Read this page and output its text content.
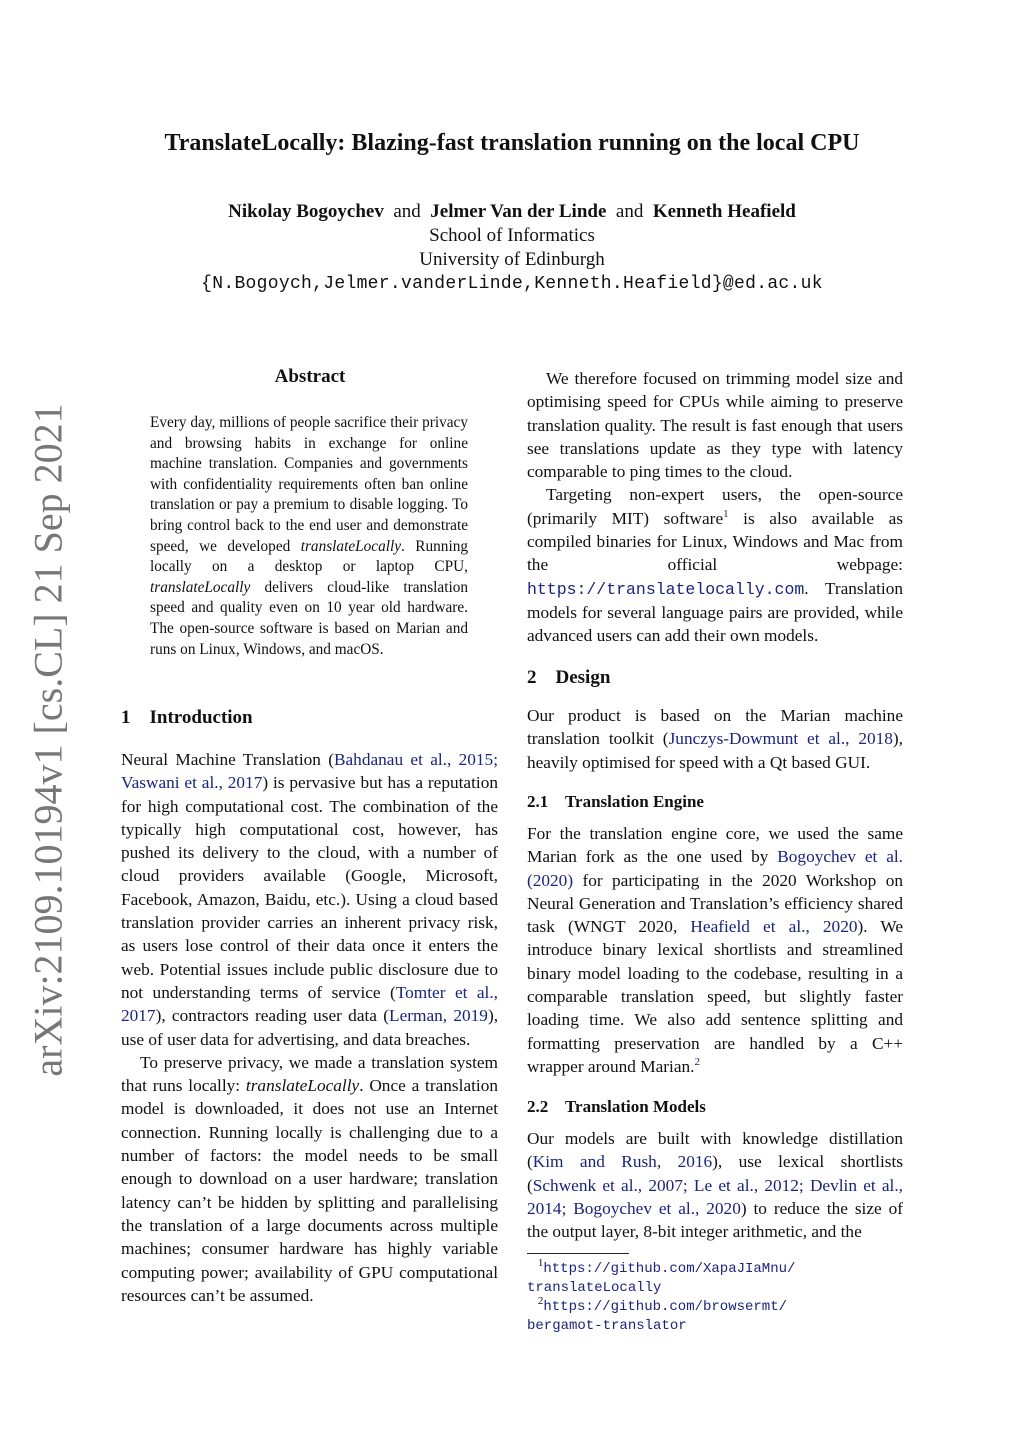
arXiv:2109.10194v1 [cs.CL] 21 Sep 2021
TranslateLocally: Blazing-fast translation running on the local CPU
Nikolay Bogoychev and Jelmer Van der Linde and Kenneth Heafield
School of Informatics
University of Edinburgh
{N.Bogoych,Jelmer.vanderLinde,Kenneth.Heafield}@ed.ac.uk
Abstract
Every day, millions of people sacrifice their privacy and browsing habits in exchange for online machine translation. Companies and governments with confidentiality requirements often ban online translation or pay a premium to disable logging. To bring control back to the end user and demonstrate speed, we developed translateLocally. Running locally on a desktop or laptop CPU, translateLocally delivers cloud-like translation speed and quality even on 10 year old hardware. The open-source software is based on Marian and runs on Linux, Windows, and macOS.
1 Introduction

Neural Machine Translation (Bahdanau et al., 2015; Vaswani et al., 2017) is pervasive but has a reputation for high computational cost. The combination of the typically high computational cost, however, has pushed its delivery to the cloud, with a number of cloud providers available (Google, Microsoft, Facebook, Amazon, Baidu, etc.). Using a cloud based translation provider carries an inherent privacy risk, as users lose control of their data once it enters the web. Potential issues include public disclosure due to not understanding terms of service (Tomter et al., 2017), contractors reading user data (Lerman, 2019), use of user data for advertising, and data breaches.

To preserve privacy, we made a translation system that runs locally: translateLocally. Once a translation model is downloaded, it does not use an Internet connection. Running locally is challenging due to a number of factors: the model needs to be small enough to download on a user hardware; translation latency can’t be hidden by splitting and parallelising the translation of a large documents across multiple machines; consumer hardware has highly variable computing power; availability of GPU computational resources can’t be assumed.

We therefore focused on trimming model size and optimising speed for CPUs while aiming to preserve translation quality. The result is fast enough that users see translations update as they type with latency comparable to ping times to the cloud.

Targeting non-expert users, the open-source (primarily MIT) software$^1$ is also available as compiled binaries for Linux, Windows and Mac from the official webpage: https://translatelocally.com. Translation models for several language pairs are provided, while advanced users can add their own models.

2 Design

Our product is based on the Marian machine translation toolkit (Junczys-Dowmunt et al., 2018), heavily optimised for speed with a Qt based GUI.

2.1 Translation Engine

For the translation engine core, we used the same Marian fork as the one used by Bogoychev et al. (2020) for participating in the 2020 Workshop on Neural Generation and Translation’s efficiency shared task (WNGT 2020, Heafield et al., 2020). We introduce binary lexical shortlists and streamlined binary model loading to the codebase, resulting in a comparable translation speed, but slightly faster loading time. We also add sentence splitting and formatting preservation are handled by a C++ wrapper around Marian.$^2$

2.2 Translation Models

Our models are built with knowledge distillation (Kim and Rush, 2016), use lexical shortlists (Schwenk et al., 2007; Le et al., 2012; Devlin et al., 2014; Bogoychev et al., 2020) to reduce the size of the output layer, 8-bit integer arithmetic, and the

$^1$https://github.com/XapaJIaMnu/
translateLocally
$^2$https://github.com/browsermt/
bergamot-translator
